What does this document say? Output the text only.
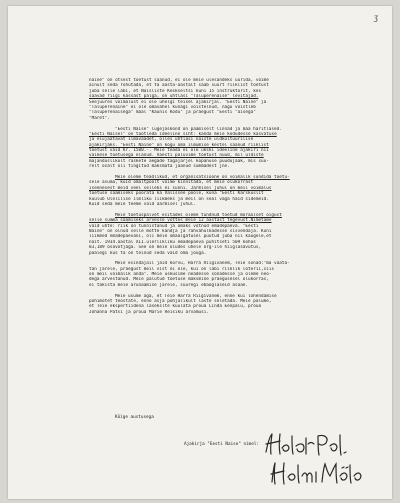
ʒ
naine" on otsest toetust saanud, ei ole meie ülesandeks uurida, võime
ainult seda rõhutada, et ta aasta-aastalt saab suurt riiklist toetust
juba selle läbi, et Naisliste Keskseltsi kuni 15 instruktorit, kes
saavad riigi kassast palga, on ühtlasi "Taluperenaise" levitajad.
Seejuures võimalust ei ole ühelgi teisel ajakirjal. "Eesti Naine" ja
"Taluperenaine" ei ole omavahel kunagi võistelnud, nagu võistleb
"Taluperenaisega" maal "Kaunis Kodu" ja praegust "Eesti "aisega"
"Maret".
"Eesti Naise" lugejaskond on päämiselt linnad ja maa haritlased.
"Eesti Naisel" on taotleda ideeline siht: kanda meie kodudesse kasvatuse
ja elujaatavat ilmavaadet, olles ühtlasi naiste üldkultuurilise
ajakirjaks. "Eesti Naine" on kogu oma ilmumise kestel saanud riiklist
toetust vaid Kr. 1500.-. Meie teada ei ole ükski ideeline ajakiri nii
väikese toetusega elanud. Vaesti paluvime toetust nüüd, mil üldiste
majanduslikult raskete aegade tagajärjel kopanuse puudujääk, mis suu-
relt osalt oli tingitud maksmata jäänud summadest jne.
Meie oleme teadlikud, et organisatsioone on võimalik sundida toetu-
sele asuma, kuid omaltpoolt võime kinnitada, et meie olukorrast
iseenesest meid veel selleks ei sunni. Järmisel juhul on meil võimalus
toetuse saamiseks pöörata ka Välissee poole, kuna "Eesti Karskuslit
kuulub Ülelilise ilmliku liikmeks ja meil on seal väga häid sidemeid.
Kuid seda meie teeme vaid äärmisel juhul.
Meie toetuspalvet esitades oleme tundnud tõetud moraalset õigust
selle summa saamiseks arvesse võttes meie 12 aastast tegevust.Nimetame
vaid ühte: riik on tunnistanud ja omaks võtnud emadepäeva. "Eesti
Naine" on olnud selle mõtte kandja ja rahvahulkadesse sisvendaja. Kuni
liikmed emadepäevani, oli meie omaalgatusel püütud juba nii kaugele,et
näit. 1934.aastal XII.ülerlikliku emadepäeva pühitseti 509 kohas
83,189 osavõtjaga. See on meie oludes ühele org-ile hiiglasavutus,
päälegi kus ta on teinud seda vaid oma jõuga.
Meie esindajail jäid kõrvu, Härra Riigivanem, Teie sõnad:"ma vaata-
tan järele, praegust meil vist ei ole, kui on läbi riiklik loterii,siis
on meil võimalik anda". Meie uskusime neadesse sõnadesse ja oleme neo-
dega arvestanud. Meie palutud toetuse maksmine praegusesel olukorras,
ei takista meie arunaamise järele, suuregi ebaõglaseid asaae.
Meie usume aga, et Teie Härra Riigivanem, enne kui lõhendamise
põhimõtet teostate, enne asja põhjalikult laste seletada. Meie palume,
et Teie ekspertiidena lasekslte kuulata proua Linda Eenpalu, proua
Johanna Pätsi ja proua Marie Reisiku arvamusi.
Kõige austusega
Ajakirja "Eesti Naise" nimel:
